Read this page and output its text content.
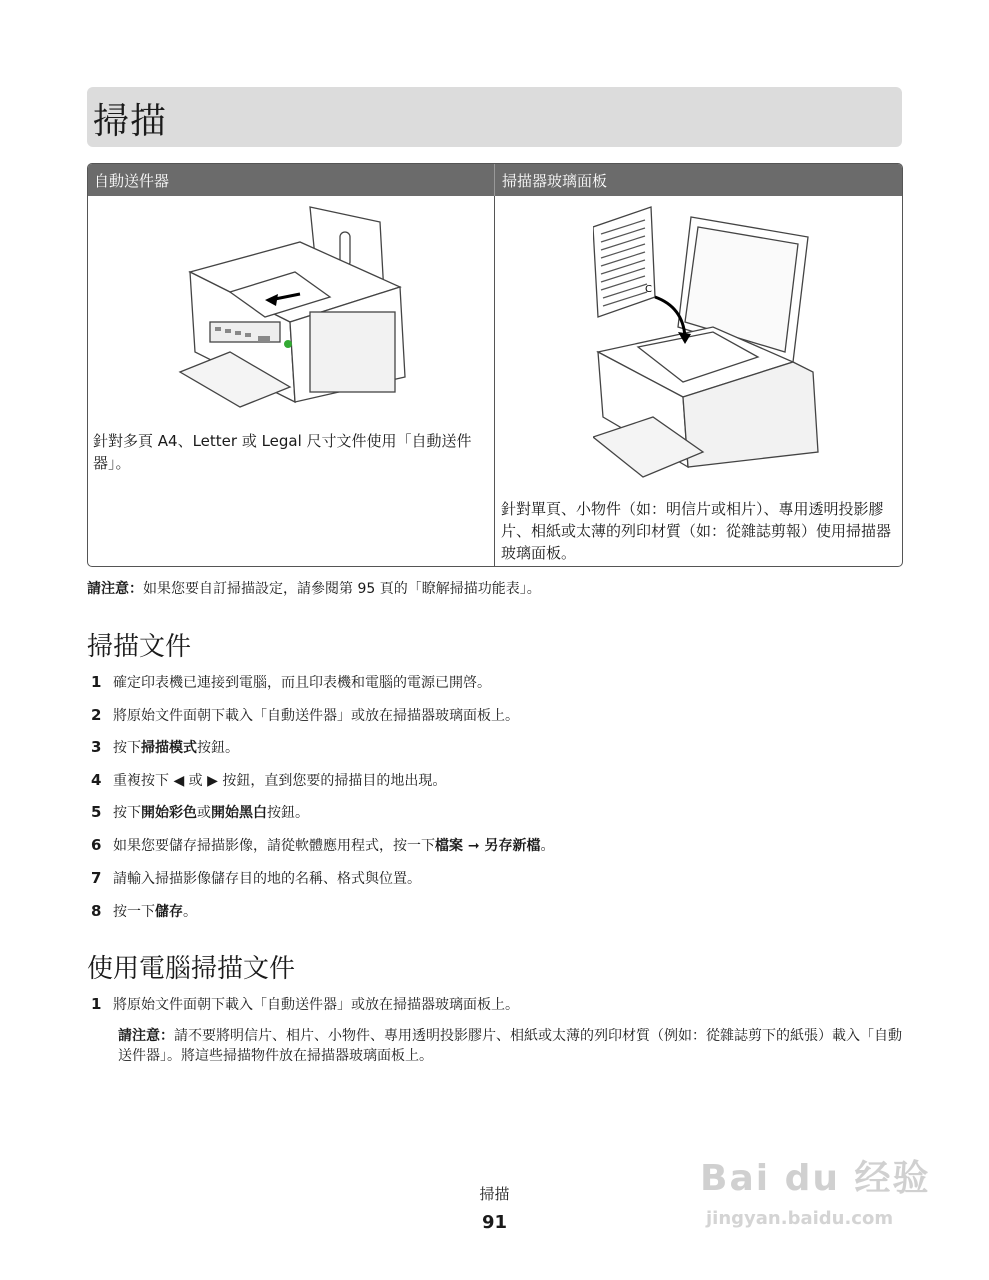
掃描
自動送件器	掃描器玻璃面板
C
針對多頁 A4、Letter 或 Legal 尺寸文件使用「自動送件器」。
針對單頁、小物件（如：明信片或相片）、專用透明投影膠片、相紙或太薄的列印材質（如：從雜誌剪報）使用掃描器玻璃面板。
請注意：如果您要自訂掃描設定，請參閱第 95 頁的「瞭解掃描功能表」。
掃描文件
1 確定印表機已連接到電腦，而且印表機和電腦的電源已開啓。
2 將原始文件面朝下載入「自動送件器」或放在掃描器玻璃面板上。
3 按下掃描模式按鈕。
4 重複按下 ◀ 或 ▶ 按鈕，直到您要的掃描目的地出現。
5 按下開始彩色或開始黑白按鈕。
6 如果您要儲存掃描影像，請從軟體應用程式，按一下檔案 ➞ 另存新檔。
7 請輸入掃描影像儲存目的地的名稱、格式與位置。
8 按一下儲存。
使用電腦掃描文件
1 將原始文件面朝下載入「自動送件器」或放在掃描器玻璃面板上。
請注意：請不要將明信片、相片、小物件、專用透明投影膠片、相紙或太薄的列印材質（例如：從雜誌剪下的紙張）載入「自動送件器」。將這些掃描物件放在掃描器玻璃面板上。
掃描
91
Bai du 经验
jingyan.baidu.com
